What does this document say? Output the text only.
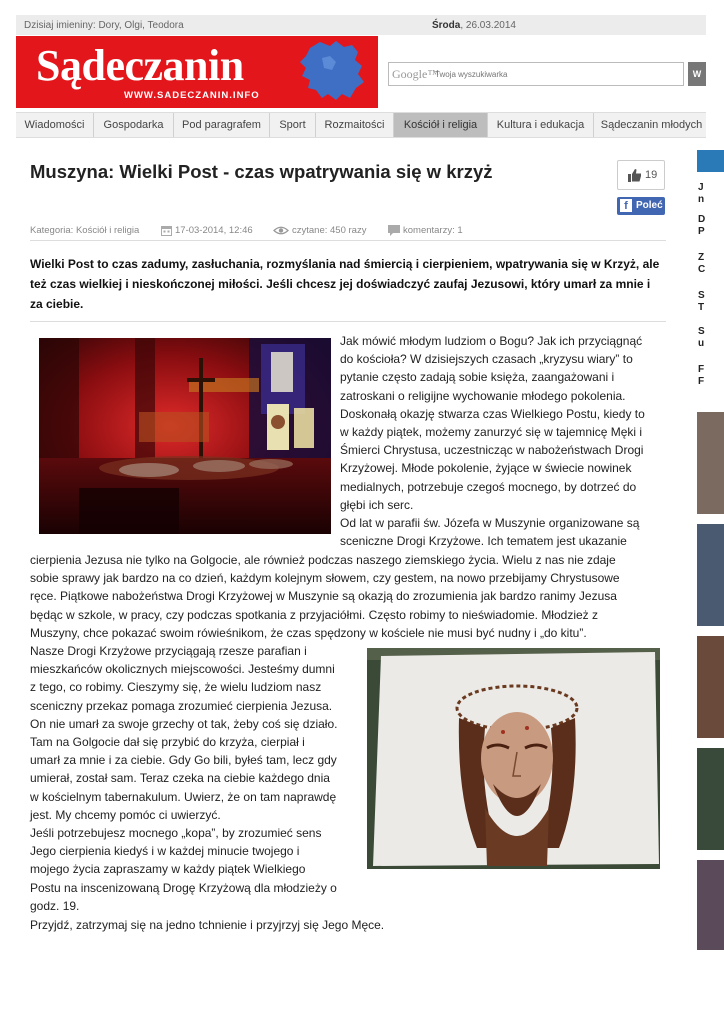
Dzisiaj imieniny: Dory, Olgi, Teodora	Środa, 26.03.2014
Sądeczanin
WWW.SADECZANIN.INFO
Google™
Twoja wyszukiwarka	W
Wiadomości	Gospodarka	Pod paragrafem	Sport	Rozmaitości	Kościół i religia	Kultura i edukacja	Sądeczanin młodych
Muszyna: Wielki Post - czas wpatrywania się w krzyż	19
f Poleć
Kategoria: Kościół i religia	17-03-2014, 12:46	czytane: 450 razy	komentarzy: 1

Wielki Post to czas zadumy, zasłuchania, rozmyślania nad śmiercią i cierpieniem, wpatrywania się w Krzyż, ale też czas wielkiej i nieskończonej miłości. Jeśli chcesz jej doświadczyć zaufaj Jezusowi, który umarł za mnie i za ciebie.

Jak mówić młodym ludziom o Bogu? Jak ich przyciągnąć
do kościoła? W dzisiejszych czasach „kryzysu wiary” to
pytanie często zadają sobie księża, zaangażowani i
zatroskani o religijne wychowanie młodego pokolenia.
Doskonałą okazję stwarza czas Wielkiego Postu, kiedy to
w każdy piątek, możemy zanurzyć się w tajemnicę Męki i
Śmierci Chrystusa, uczestnicząc w nabożeństwach Drogi
Krzyżowej. Młode pokolenie, żyjące w świecie nowinek
medialnych, potrzebuje czegoś mocnego, by dotrzeć do
głębi ich serc.
Od lat w parafii św. Józefa w Muszynie organizowane są
sceniczne Drogi Krzyżowe. Ich tematem jest ukazanie
cierpienia Jezusa nie tylko na Golgocie, ale również podczas naszego ziemskiego życia. Wielu z nas nie zdaje
sobie sprawy jak bardzo na co dzień, każdym kolejnym słowem, czy gestem, na nowo przebijamy Chrystusowe
ręce. Piątkowe nabożeństwa Drogi Krzyżowej w Muszynie są okazją do zrozumienia jak bardzo ranimy Jezusa
będąc w szkole, w pracy, czy podczas spotkania z przyjaciółmi. Często robimy to nieświadomie. Młodzież z
Muszyny, chce pokazać swoim rówieśnikom, że czas spędzony w kościele nie musi być nudny i „do kitu”.
Nasze Drogi Krzyżowe przyciągają rzesze parafian i
mieszkańców okolicznych miejscowości. Jesteśmy dumni
z tego, co robimy. Cieszymy się, że wielu ludziom nasz
sceniczny przekaz pomaga zrozumieć cierpienia Jezusa.
On nie umarł za swoje grzechy ot tak, żeby coś się działo.
Tam na Golgocie dał się przybić do krzyża, cierpiał i
umarł za mnie i za ciebie. Gdy Go bili, byłeś tam, lecz gdy
umierał, został sam. Teraz czeka na ciebie każdego dnia
w kościelnym tabernakulum. Uwierz, że on tam naprawdę
jest. My chcemy pomóc ci uwierzyć.
Jeśli potrzebujesz mocnego „kopa”, by zrozumieć sens
Jego cierpienia kiedyś i w każdej minucie twojego i
mojego życia zapraszamy w każdy piątek Wielkiego
Postu na inscenizowaną Drogę Krzyżową dla młodzieży o
godz. 19.
Przyjdź, zatrzymaj się na jedno tchnienie i przyjrzyj się Jego Męce.
J
n
D
P
Z
C
S
T
S
u
F
F
